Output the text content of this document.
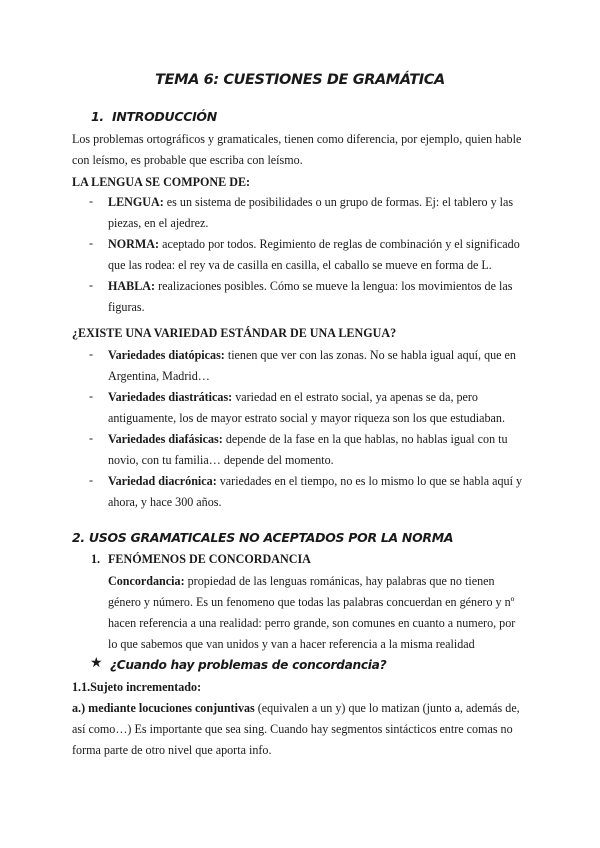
TEMA 6: CUESTIONES DE GRAMÁTICA
1. INTRODUCCIÓN
Los problemas ortográficos y gramaticales, tienen como diferencia, por ejemplo, quien hable
con leísmo, es probable que escriba con leísmo.
LA LENGUA SE COMPONE DE:
- LENGUA: es un sistema de posibilidades o un grupo de formas. Ej: el tablero y las
piezas, en el ajedrez.
- NORMA: aceptado por todos. Regimiento de reglas de combinación y el significado
que las rodea: el rey va de casilla en casilla, el caballo se mueve en forma de L.
- HABLA: realizaciones posibles. Cómo se mueve la lengua: los movimientos de las
figuras.
¿EXISTE UNA VARIEDAD ESTÁNDAR DE UNA LENGUA?
- Variedades diatópicas: tienen que ver con las zonas. No se habla igual aquí, que en
Argentina, Madrid…
- Variedades diastráticas: variedad en el estrato social, ya apenas se da, pero
antiguamente, los de mayor estrato social y mayor riqueza son los que estudiaban.
- Variedades diafásicas: depende de la fase en la que hablas, no hablas igual con tu
novio, con tu familia… depende del momento.
- Variedad diacrónica: variedades en el tiempo, no es lo mismo lo que se habla aquí y
ahora, y hace 300 años.
2. USOS GRAMATICALES NO ACEPTADOS POR LA NORMA
1. FENÓMENOS DE CONCORDANCIA
Concordancia: propiedad de las lenguas románicas, hay palabras que no tienen
género y número. Es un fenomeno que todas las palabras concuerdan en género y nº
hacen referencia a una realidad: perro grande, son comunes en cuanto a numero, por
lo que sabemos que van unidos y van a hacer referencia a la misma realidad
★ ¿Cuando hay problemas de concordancia?
1.1.Sujeto incrementado:
a.) mediante locuciones conjuntivas (equivalen a un y) que lo matizan (junto a, además de,
así como…) Es importante que sea sing. Cuando hay segmentos sintácticos entre comas no
forma parte de otro nivel que aporta info.
